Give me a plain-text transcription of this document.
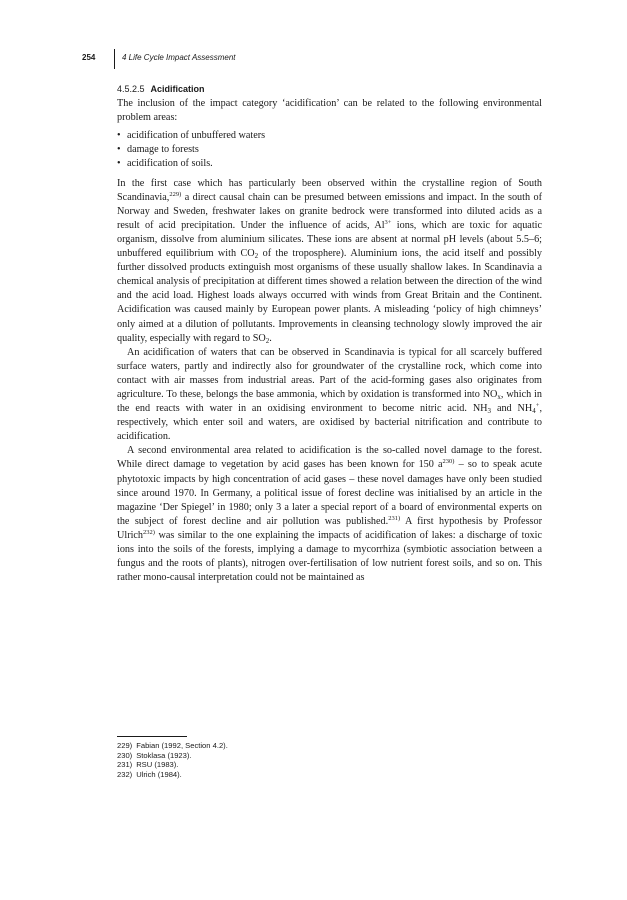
254	4 Life Cycle Impact Assessment
4.5.2.5 Acidification

The inclusion of the impact category ‘acidification’ can be related to the following environmental problem areas:

• acidification of unbuffered waters
• damage to forests
• acidification of soils.

In the first case which has particularly been observed within the crystalline region of South Scandinavia,$^{229)}$ a direct causal chain can be presumed between emissions and impact. In the south of Norway and Sweden, freshwater lakes on granite bedrock were transformed into diluted acids as a result of acid precipitation. Under the influence of acids, $Al^{3+}$ ions, which are toxic for aquatic organism, dissolve from aluminium silicates. These ions are absent at normal pH levels (about 5.5–6; unbuffered equilibrium with $CO_2$ of the troposphere). Aluminium ions, the acid itself and possibly further dissolved products extinguish most organisms of these usually shallow lakes. In Scandinavia a chemical analysis of precipitation at different times showed a relation between the direction of the wind and the acid load. Highest loads always occurred with winds from Great Britain and the Continent. Acidification was caused mainly by European power plants. A misleading ‘policy of high chimneys’ only aimed at a dilution of pollutants. Improvements in cleansing technology slowly improved the air quality, especially with regard to $SO_2$.

An acidification of waters that can be observed in Scandinavia is typical for all scarcely buffered surface waters, partly and indirectly also for groundwater of the crystalline rock, which come into contact with air masses from industrial areas. Part of the acid-forming gases also originates from agriculture. To these, belongs the base ammonia, which by oxidation is transformed into $NO_x$, which in the end reacts with water in an oxidising environment to become nitric acid. $NH_3$ and $NH_4^+$, respectively, which enter soil and waters, are oxidised by bacterial nitrification and contribute to acidification.

A second environmental area related to acidification is the so-called novel damage to the forest. While direct damage to vegetation by acid gases has been known for 150 $a^{230)}$ – so to speak acute phytotoxic impacts by high concentration of acid gases – these novel damages have only been studied since around 1970. In Germany, a political issue of forest decline was initialised by an article in the magazine ‘Der Spiegel’ in 1980; only 3 a later a special report of a board of environmental experts on the subject of forest decline and air pollution was published.$^{231)}$ A first hypothesis by Professor Ulrich$^{232)}$ was similar to the one explaining the impacts of acidification of lakes: a discharge of toxic ions into the soils of the forests, implying a damage to mycorrhiza (symbiotic association between a fungus and the roots of plants), nitrogen over-fertilisation of low nutrient forest soils, and so on. This rather mono-causal interpretation could not be maintained as

229) Fabian (1992, Section 4.2).
230) Stoklasa (1923).
231) RSU (1983).
232) Ulrich (1984).
